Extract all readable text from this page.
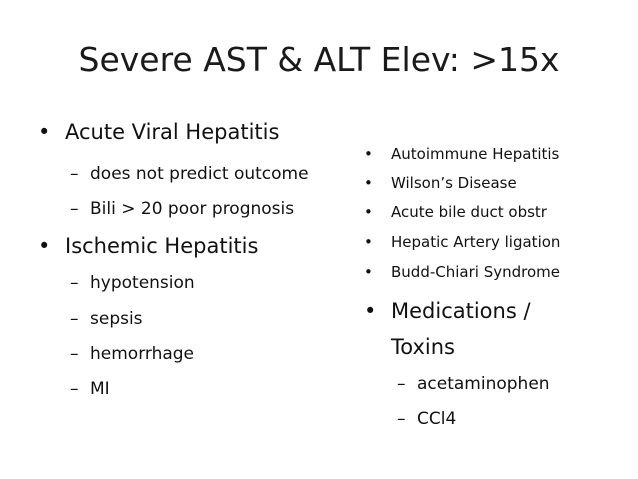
Severe AST & ALT Elev: >15x
• Acute Viral Hepatitis
– does not predict outcome
– Bili > 20 poor prognosis
• Ischemic Hepatitis
– hypotension
– sepsis
– hemorrhage
– MI
• Autoimmune Hepatitis
• Wilson’s Disease
• Acute bile duct obstr
• Hepatic Artery ligation
• Budd-Chiari Syndrome
• Medications /
Toxins
– acetaminophen
– CCl4
